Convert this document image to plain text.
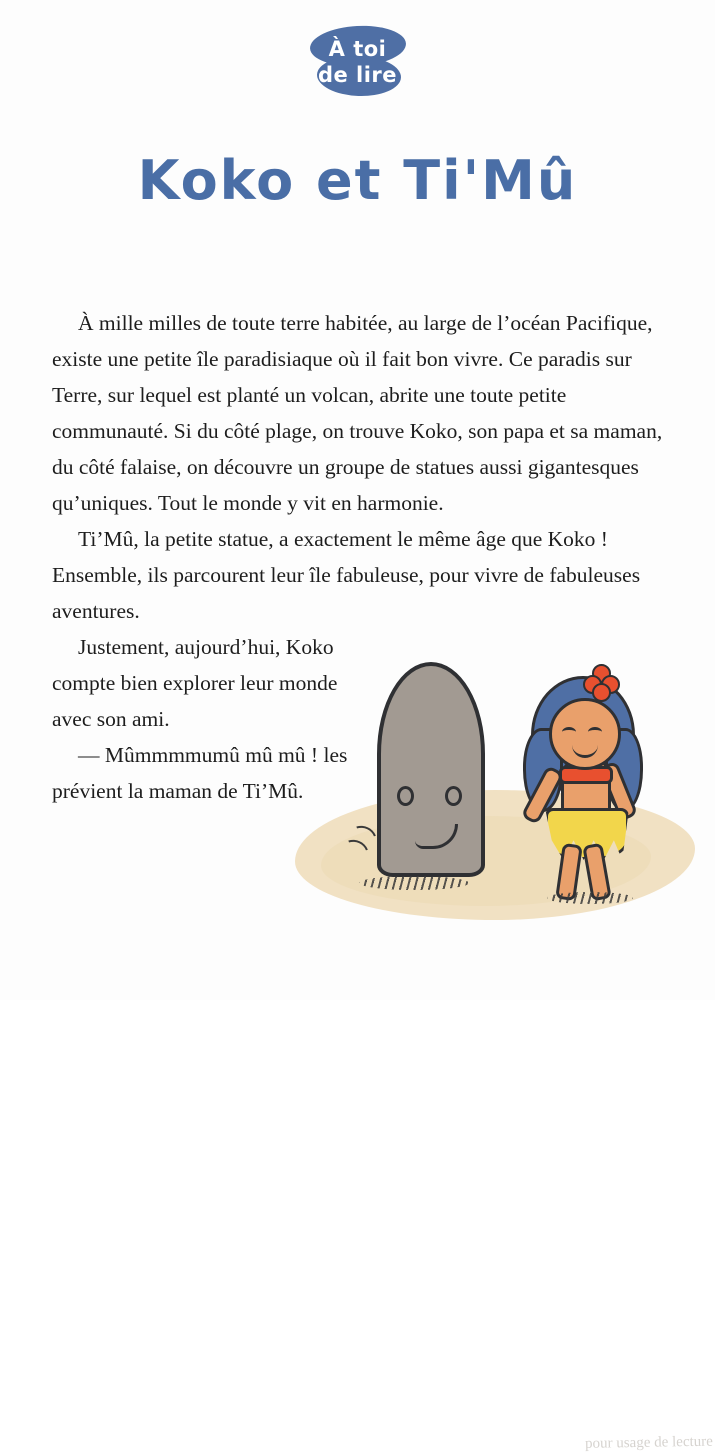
À toi
de lire
Koko et Ti'Mû

À mille milles de toute terre habitée, au large de l’océan Pacifique, existe une petite île paradisiaque où il fait bon vivre. Ce paradis sur Terre, sur lequel est planté un volcan, abrite une toute petite communauté. Si du côté plage, on trouve Koko, son papa et sa maman, du côté falaise, on découvre un groupe de statues aussi gigantesques qu’uniques. Tout le monde y vit en harmonie.

Ti’Mû, la petite statue, a exactement le même âge que Koko ! Ensemble, ils parcourent leur île fabuleuse, pour vivre de fabuleuses aventures.

Justement, aujourd’hui, Koko compte bien explorer leur monde avec son ami.

— Mûmmmmumû mû mû ! les prévient la maman de Ti’Mû.

pour usage de lecture
